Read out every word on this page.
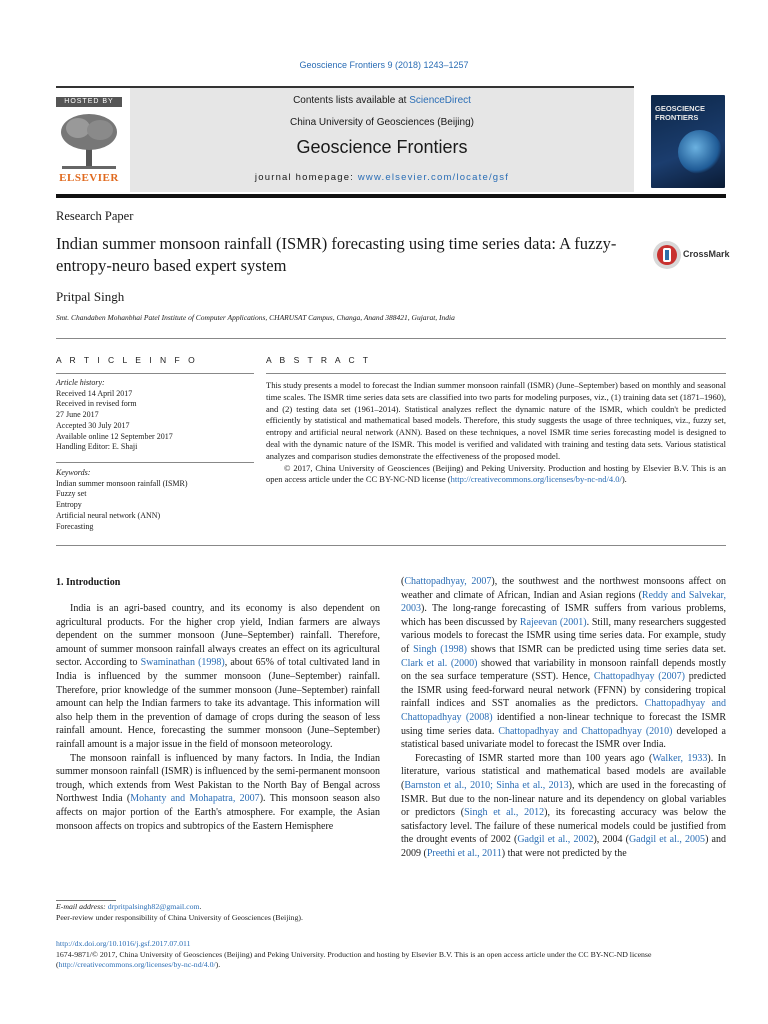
Geoscience Frontiers 9 (2018) 1243–1257
HOSTED BY
ELSEVIER
Contents lists available at ScienceDirect
China University of Geosciences (Beijing)
Geoscience Frontiers
journal homepage: www.elsevier.com/locate/gsf
GEOSCIENCE FRONTIERS
Research Paper
Indian summer monsoon rainfall (ISMR) forecasting using time series data: A fuzzy-entropy-neuro based expert system
CrossMark
Pritpal Singh
Smt. Chandaben Mohanbhai Patel Institute of Computer Applications, CHARUSAT Campus, Changa, Anand 388421, Gujarat, India
A R T I C L E I N F O
Article history:
Received 14 April 2017
Received in revised form
27 June 2017
Accepted 30 July 2017
Available online 12 September 2017
Handling Editor: E. Shaji
Keywords:
Indian summer monsoon rainfall (ISMR)
Fuzzy set
Entropy
Artificial neural network (ANN)
Forecasting
A B S T R A C T

This study presents a model to forecast the Indian summer monsoon rainfall (ISMR) (June–September) based on monthly and seasonal time scales. The ISMR time series data sets are classified into two parts for modeling purposes, viz., (1) training data set (1871–1960), and (2) testing data set (1961–2014). Statistical analyzes reflect the dynamic nature of the ISMR, which couldn't be predicted efficiently by statistical and mathematical based models. Therefore, this study suggests the usage of three techniques, viz., fuzzy set, entropy and artificial neural network (ANN). Based on these techniques, a novel ISMR time series forecasting model is designed to deal with the dynamic nature of the ISMR. This model is verified and validated with training and testing data sets. Various statistical analyzes and comparison studies demonstrate the effectiveness of the proposed model.

© 2017, China University of Geosciences (Beijing) and Peking University. Production and hosting by Elsevier B.V. This is an open access article under the CC BY-NC-ND license (http://creativecommons.org/licenses/by-nc-nd/4.0/).

1. Introduction

India is an agri-based country, and its economy is also dependent on agricultural products. For the higher crop yield, Indian farmers are always dependent on the summer monsoon (June–September) rainfall. Therefore, amount of summer monsoon rainfall always creates an effect on its agricultural sector. According to Swaminathan (1998), about 65% of total cultivated land in India is influenced by the summer monsoon (June–September) rainfall. Therefore, prior knowledge of the summer monsoon (June–September) rainfall amount can help the Indian farmers to take its advantage. This information will also help them in the prevention of damage of crops during the season of less rainfall amount. Hence, forecasting the summer monsoon (June–September) rainfall amount is a major issue in the field of monsoon meteorology.

The monsoon rainfall is influenced by many factors. In India, the Indian summer monsoon rainfall (ISMR) is influenced by the semi-permanent monsoon trough, which extends from West Pakistan to the North Bay of Bengal across Northwest India (Mohanty and Mohapatra, 2007). This monsoon season also affects on major portion of the Earth's atmosphere. For example, the Asian monsoon affects on tropics and subtropics of the Eastern Hemisphere

(Chattopadhyay, 2007), the southwest and the northwest monsoons affect on weather and climate of African, Indian and Asian regions (Reddy and Salvekar, 2003). The long-range forecasting of ISMR suffers from various problems, which has been discussed by Rajeevan (2001). Still, many researchers suggested various models to forecast the ISMR using time series data. For example, study of Singh (1998) shows that ISMR can be predicted using time series data set. Clark et al. (2000) showed that variability in monsoon rainfall depends mostly on the sea surface temperature (SST). Hence, Chattopadhyay (2007) predicted the ISMR using feed-forward neural network (FFNN) by considering tropical rainfall indices and SST anomalies as the predictors. Chattopadhyay and Chattopadhyay (2008) identified a non-linear technique to forecast the ISMR using time series data. Chattopadhyay and Chattopadhyay (2010) developed a statistical based univariate model to forecast the ISMR over India.

Forecasting of ISMR started more than 100 years ago (Walker, 1933). In literature, various statistical and mathematical based models are available (Barnston et al., 2010; Sinha et al., 2013), which are used in the forecasting of ISMR. But due to the non-linear nature and its dependency on global variables or predictors (Singh et al., 2012), its forecasting accuracy was below the satisfactory level. The failure of these numerical models could be justified from the drought events of 2002 (Gadgil et al., 2002), 2004 (Gadgil et al., 2005) and 2009 (Preethi et al., 2011) that were not predicted by the

E-mail address: drpritpalsingh82@gmail.com.
Peer-review under responsibility of China University of Geosciences (Beijing).
http://dx.doi.org/10.1016/j.gsf.2017.07.011
1674-9871/© 2017, China University of Geosciences (Beijing) and Peking University. Production and hosting by Elsevier B.V. This is an open access article under the CC BY-NC-ND license (http://creativecommons.org/licenses/by-nc-nd/4.0/).
